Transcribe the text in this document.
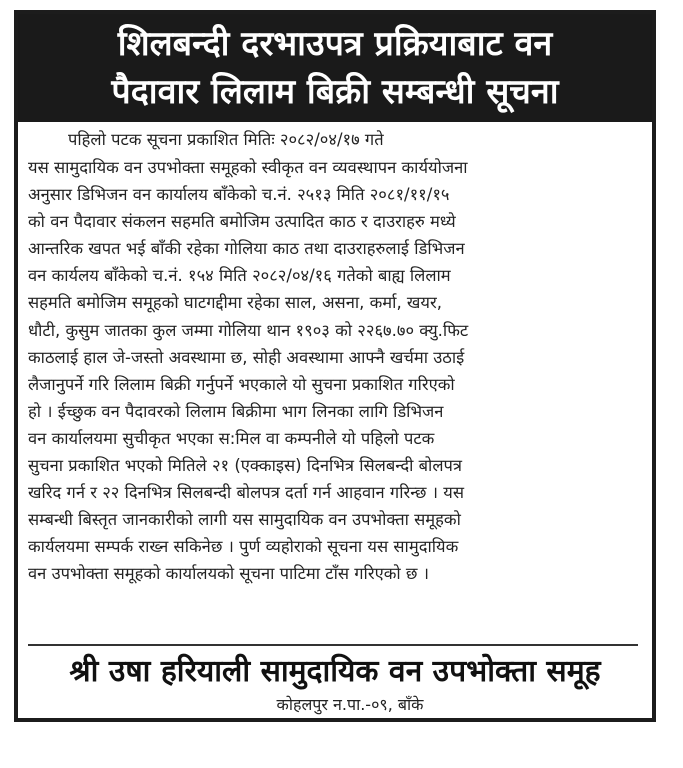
शिलबन्दी दरभाउपत्र प्रक्रियाबाट वन
पैदावार लिलाम बिक्री सम्बन्धी सूचना
पहिलो पटक सूचना प्रकाशित मितिः २०८२/०४/१७ गते
यस सामुदायिक वन उपभोक्ता समूहको स्वीकृत वन व्यवस्थापन कार्ययोजना
अनुसार डिभिजन वन कार्यालय बाँकेको च.नं. २५१३ मिति २०८१/११/१५
को वन पैदावार संकलन सहमति बमोजिम उत्पादित काठ र दाउराहरु मध्ये
आन्तरिक खपत भई बाँकी रहेका गोलिया काठ तथा दाउराहरुलाई डिभिजन
वन कार्यलय बाँकेको च.नं. १५४ मिति २०८२/०४/१६ गतेको बाह्य लिलाम
सहमति बमोजिम समूहको घाटगद्दीमा रहेका साल, असना, कर्मा, खयर,
धौटी, कुसुम जातका कुल जम्मा गोलिया थान १९०३ को २२६७.७० क्यु.फिट
काठलाई हाल जे-जस्तो अवस्थामा छ, सोही अवस्थामा आफ्नै खर्चमा उठाई
लैजानुपर्ने गरि लिलाम बिक्री गर्नुपर्ने भएकाले यो सुचना प्रकाशित गरिएको
हो । ईच्छुक वन पैदावरको लिलाम बिक्रीमा भाग लिनका लागि डिभिजन
वन कार्यालयमा सुचीकृत भएका स:मिल वा कम्पनीले यो पहिलो पटक
सुचना प्रकाशित भएको मितिले २१ (एक्काइस) दिनभित्र सिलबन्दी बोलपत्र
खरिद गर्न र २२ दिनभित्र सिलबन्दी बोलपत्र दर्ता गर्न आहवान गरिन्छ । यस
सम्बन्धी बिस्तृत जानकारीको लागी यस सामुदायिक वन उपभोक्ता समूहको
कार्यलयमा सम्पर्क राख्न सकिनेछ । पुर्ण व्यहोराको सूचना यस सामुदायिक
वन उपभोक्ता समूहको कार्यालयको सूचना पाटिमा टाँस गरिएको छ ।
श्री उषा हरियाली सामुदायिक वन उपभोक्ता समूह
कोहलपुर न.पा.-०९, बाँके
